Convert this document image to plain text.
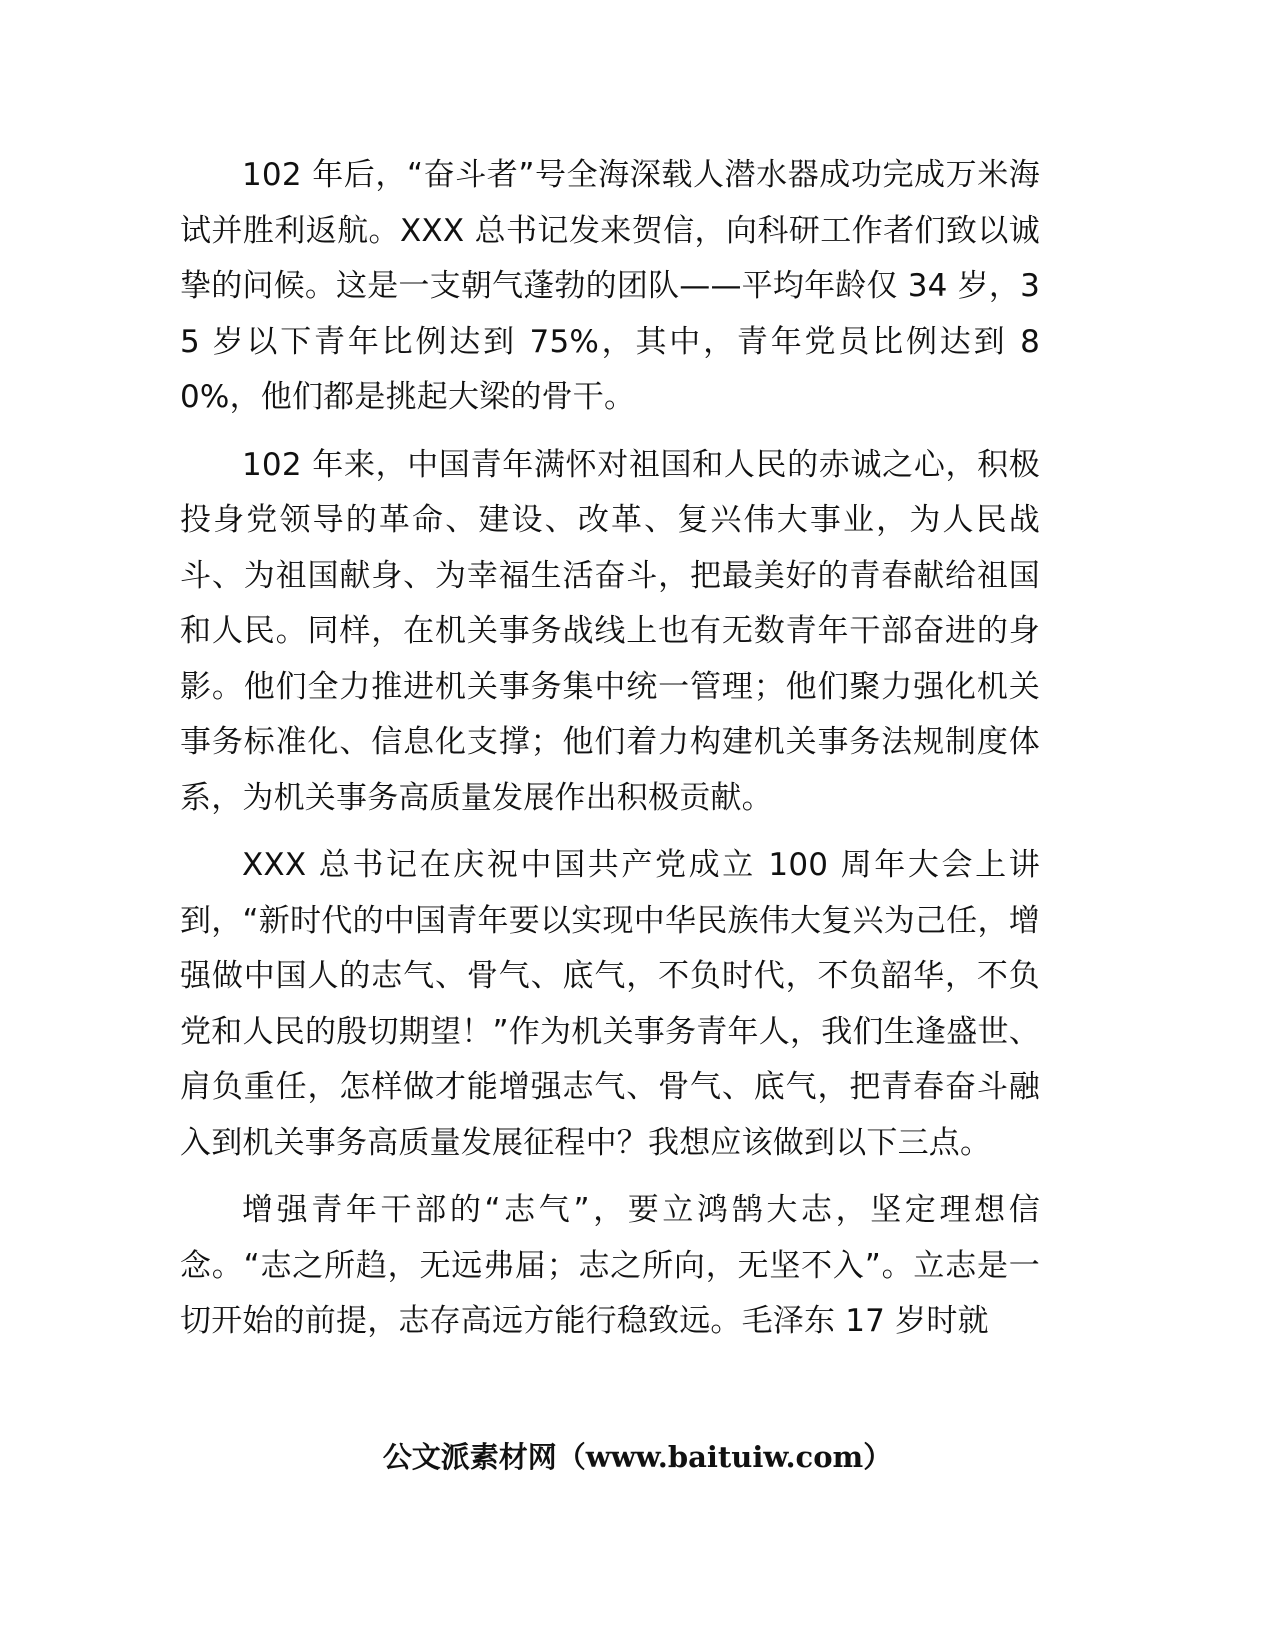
102 年后，“奋斗者”号全海深载人潜水器成功完成万米海试并胜利返航。XXX 总书记发来贺信，向科研工作者们致以诚挚的问候。这是一支朝气蓬勃的团队——平均年龄仅 34 岁，35 岁以下青年比例达到 75%，其中，青年党员比例达到 80%，他们都是挑起大梁的骨干。

102 年来，中国青年满怀对祖国和人民的赤诚之心，积极投身党领导的革命、建设、改革、复兴伟大事业，为人民战斗、为祖国献身、为幸福生活奋斗，把最美好的青春献给祖国和人民。同样，在机关事务战线上也有无数青年干部奋进的身影。他们全力推进机关事务集中统一管理；他们聚力强化机关事务标准化、信息化支撑；他们着力构建机关事务法规制度体系，为机关事务高质量发展作出积极贡献。

XXX 总书记在庆祝中国共产党成立 100 周年大会上讲到，“新时代的中国青年要以实现中华民族伟大复兴为己任，增强做中国人的志气、骨气、底气，不负时代，不负韶华，不负党和人民的殷切期望！”作为机关事务青年人，我们生逢盛世、肩负重任，怎样做才能增强志气、骨气、底气，把青春奋斗融入到机关事务高质量发展征程中？我想应该做到以下三点。

增强青年干部的“志气”，要立鸿鹄大志，坚定理想信念。“志之所趋，无远弗届；志之所向，无坚不入”。立志是一切开始的前提，志存高远方能行稳致远。毛泽东 17 岁时就

公文派素材网（www.baituiw.com）
